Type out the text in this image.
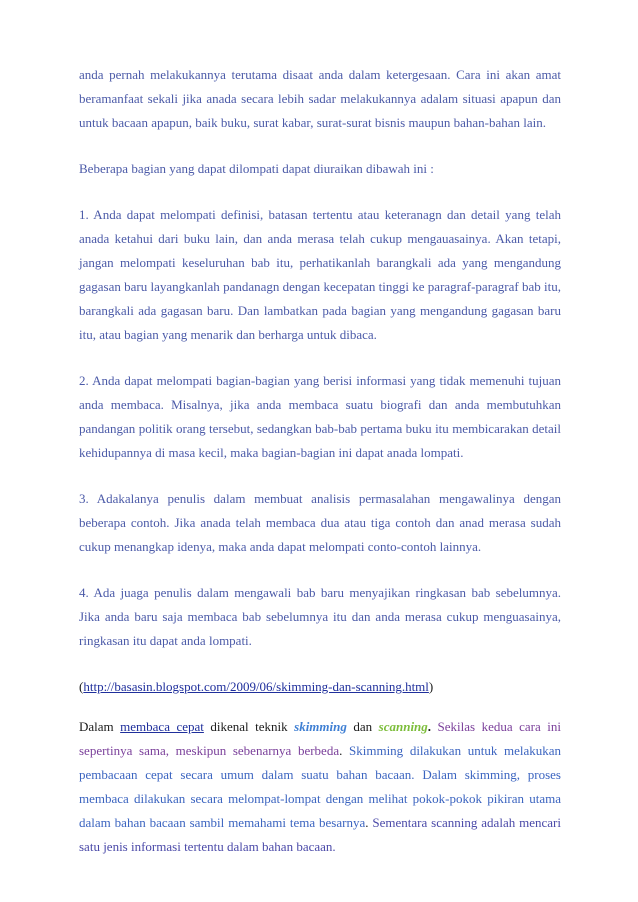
anda pernah melakukannya terutama disaat anda dalam ketergesaan. Cara ini akan amat beramanfaat sekali jika anada secara lebih sadar melakukannya adalam situasi apapun dan untuk bacaan apapun, baik buku, surat kabar, surat-surat bisnis maupun bahan-bahan lain.

Beberapa bagian yang dapat dilompati dapat diuraikan dibawah ini :

1. Anda dapat melompati definisi, batasan tertentu atau keteranagn dan detail yang telah anada ketahui dari buku lain, dan anda merasa telah cukup mengauasainya. Akan tetapi, jangan melompati keseluruhan bab itu, perhatikanlah barangkali ada yang mengandung gagasan baru layangkanlah pandanagn dengan kecepatan tinggi ke paragraf-paragraf bab itu, barangkali ada gagasan baru. Dan lambatkan pada bagian yang mengandung gagasan baru itu, atau bagian yang menarik dan berharga untuk dibaca.

2. Anda dapat melompati bagian-bagian yang berisi informasi yang tidak memenuhi tujuan anda membaca. Misalnya, jika anda membaca suatu biografi dan anda membutuhkan pandangan politik orang tersebut, sedangkan bab-bab pertama buku itu membicarakan detail kehidupannya di masa kecil, maka bagian-bagian ini dapat anada lompati.

3. Adakalanya penulis dalam membuat analisis permasalahan mengawalinya dengan beberapa contoh. Jika anada telah membaca dua atau tiga contoh dan anad merasa sudah cukup menangkap idenya, maka anda dapat melompati conto-contoh lainnya.

4. Ada juaga penulis dalam mengawali bab baru menyajikan ringkasan bab sebelumnya. Jika anda baru saja membaca bab sebelumnya itu dan anda merasa cukup menguasainya, ringkasan itu dapat anda lompati.

(http://basasin.blogspot.com/2009/06/skimming-dan-scanning.html)

Dalam membaca cepat dikenal teknik skimming dan scanning. Sekilas kedua cara ini sepertinya sama, meskipun sebenarnya berbeda. Skimming dilakukan untuk melakukan pembacaan cepat secara umum dalam suatu bahan bacaan. Dalam skimming, proses membaca dilakukan secara melompat-lompat dengan melihat pokok-pokok pikiran utama dalam bahan bacaan sambil memahami tema besarnya. Sementara scanning adalah mencari satu jenis informasi tertentu dalam bahan bacaan.
